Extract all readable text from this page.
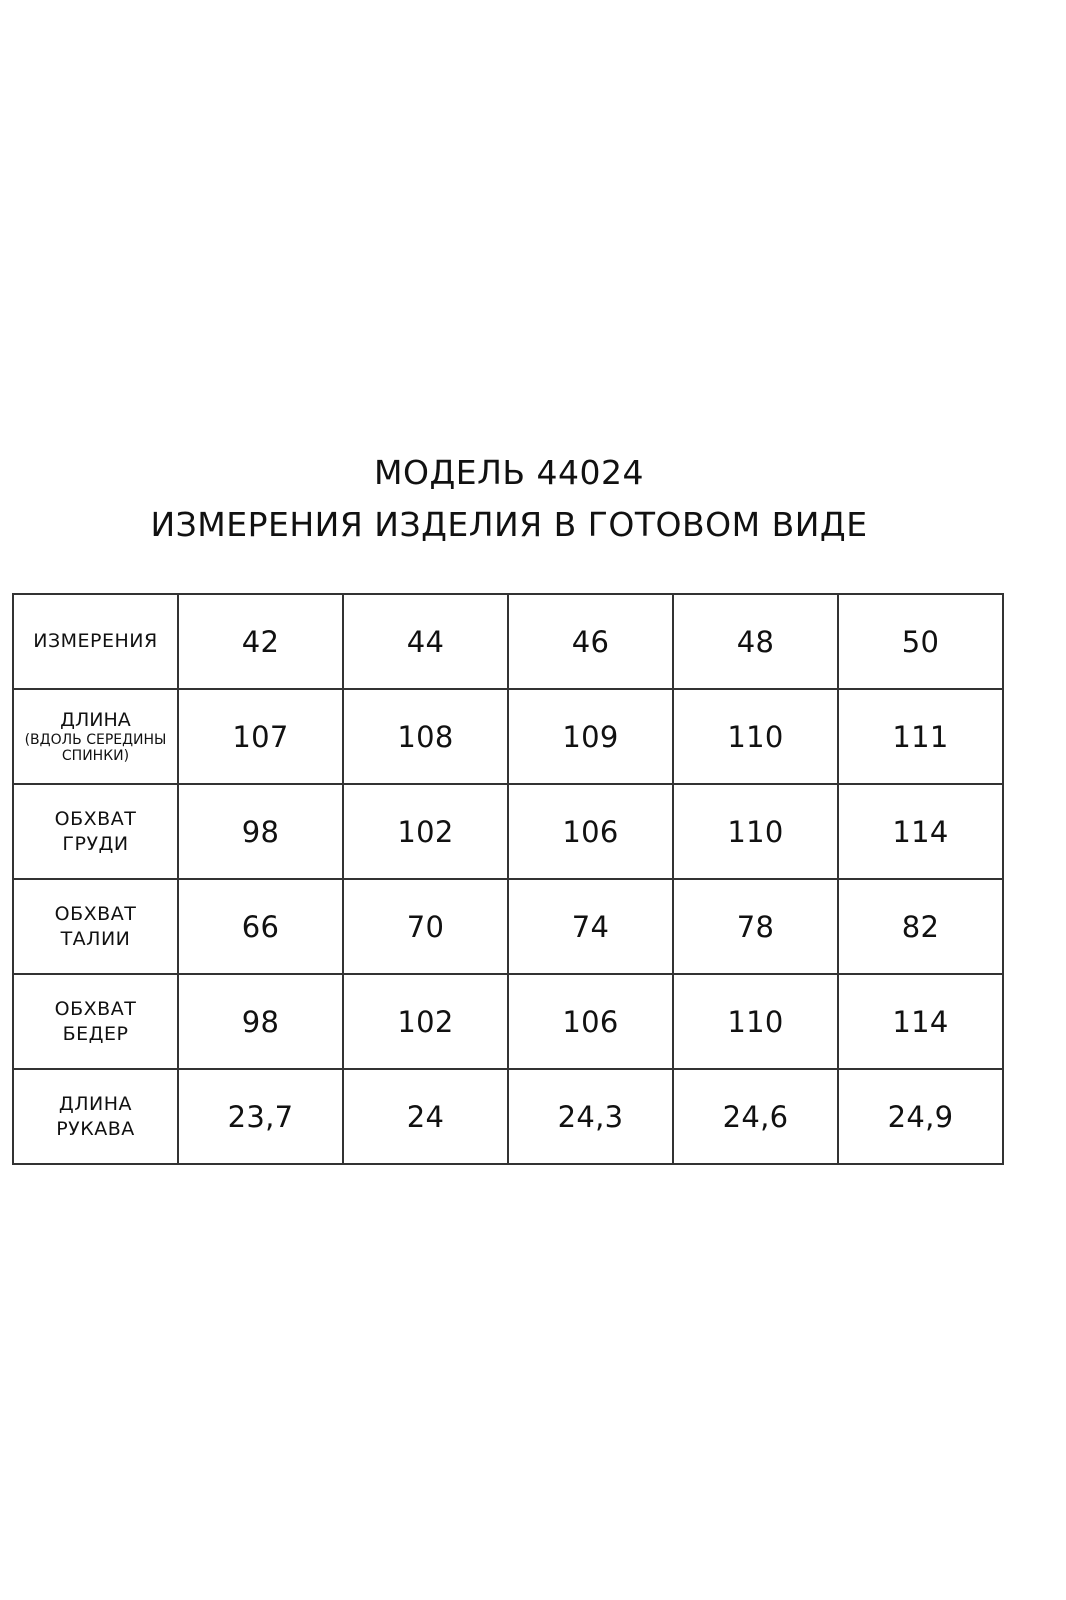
МОДЕЛЬ 44024
ИЗМЕРЕНИЯ ИЗДЕЛИЯ В ГОТОВОМ ВИДЕ
ИЗМЕРЕНИЯ	42	44	46	48	50

ДЛИНА
(ВДОЛЬ СЕРЕДИНЫ
СПИНКИ)	107	108	109	110	111

ОБХВАТ
ГРУДИ	98	102	106	110	114

ОБХВАТ
ТАЛИИ	66	70	74	78	82

ОБХВАТ
БЕДЕР	98	102	106	110	114

ДЛИНА
РУКАВА	23,7	24	24,3	24,6	24,9
